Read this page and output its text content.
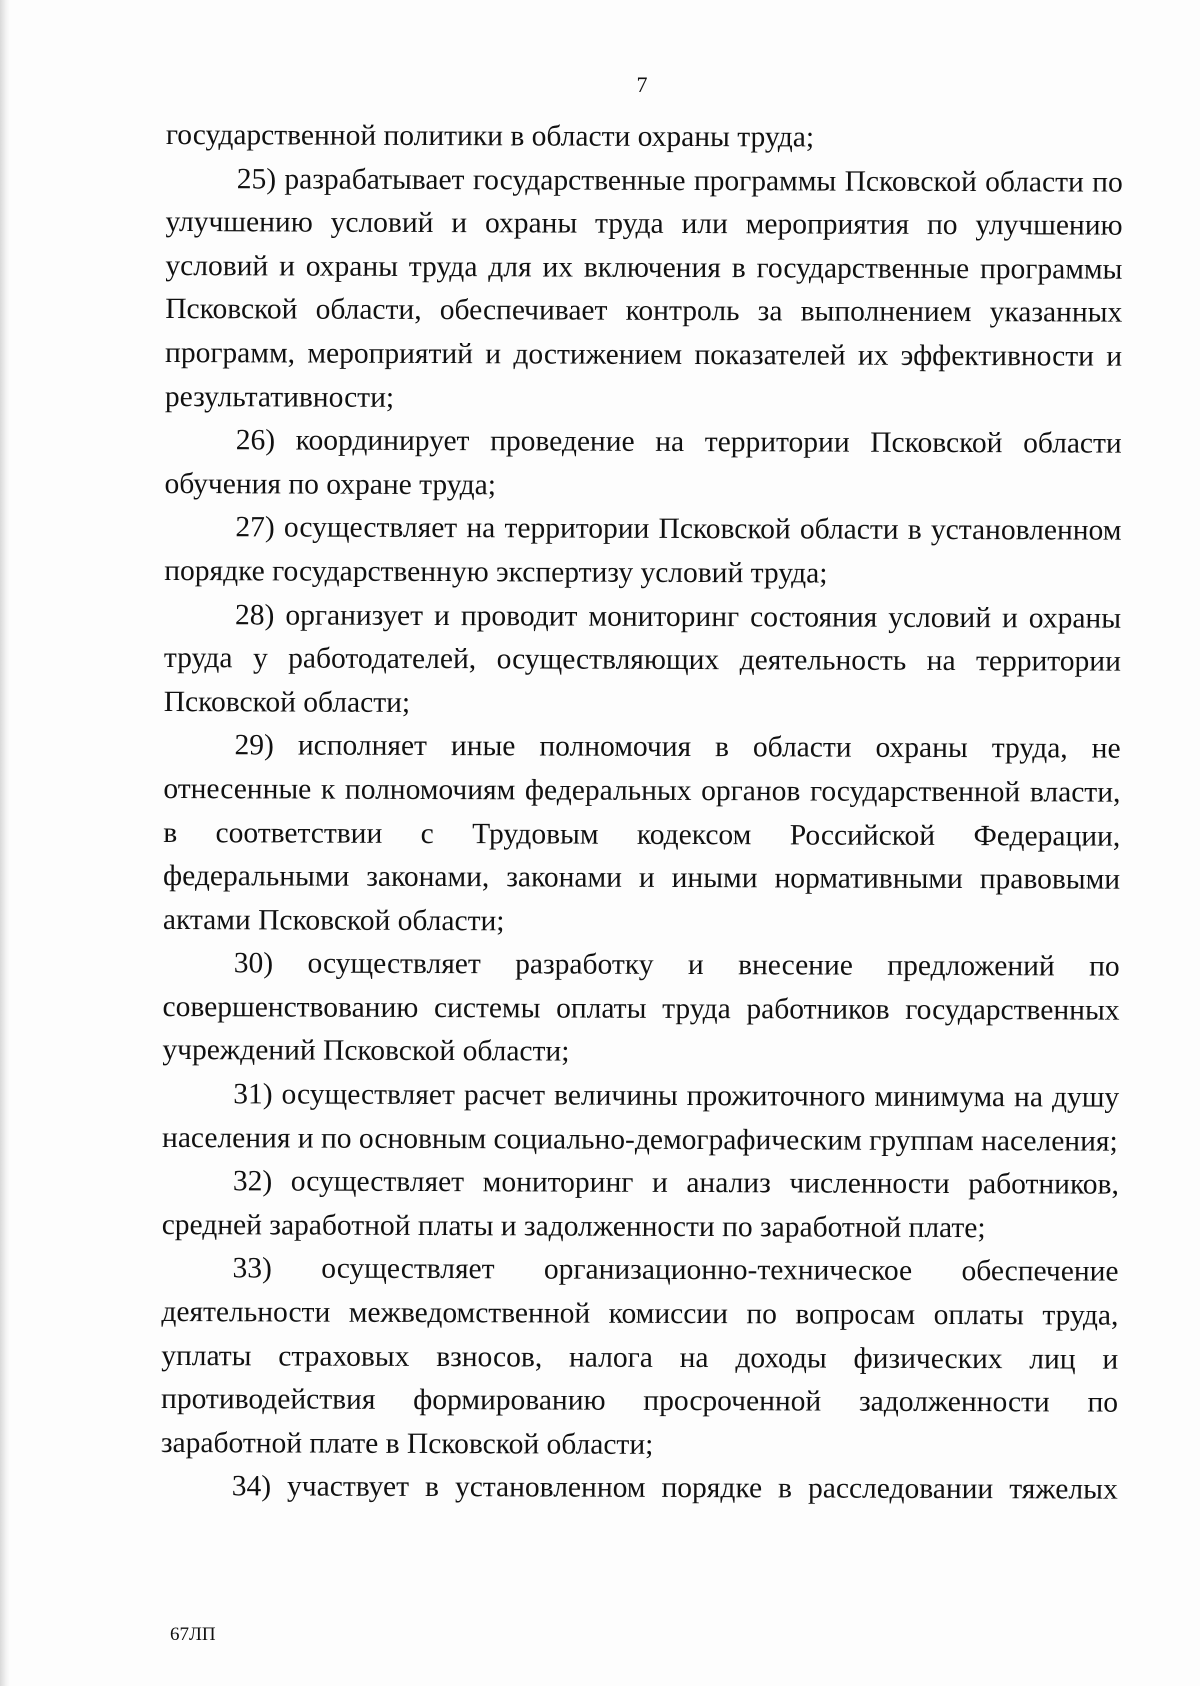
7

государственной политики в области охраны труда;

25) разрабатывает государственные программы Псковской области по улучшению условий и охраны труда или мероприятия по улучшению условий и охраны труда для их включения в государственные программы Псковской области, обеспечивает контроль за выполнением указанных программ, мероприятий и достижением показателей их эффективности и результативности;

26) координирует проведение на территории Псковской области обучения по охране труда;

27) осуществляет на территории Псковской области в установленном порядке государственную экспертизу условий труда;

28) организует и проводит мониторинг состояния условий и охраны труда у работодателей, осуществляющих деятельность на территории Псковской области;

29) исполняет иные полномочия в области охраны труда, не отнесенные к полномочиям федеральных органов государственной власти, в соответствии с Трудовым кодексом Российской Федерации, федеральными законами, законами и иными нормативными правовыми актами Псковской области;

30) осуществляет разработку и внесение предложений по совершенствованию системы оплаты труда работников государственных учреждений Псковской области;

31) осуществляет расчет величины прожиточного минимума на душу населения и по основным социально-демографическим группам населения;

32) осуществляет мониторинг и анализ численности работников, средней заработной платы и задолженности по заработной плате;

33) осуществляет организационно-техническое обеспечение деятельности межведомственной комиссии по вопросам оплаты труда, уплаты страховых взносов, налога на доходы физических лиц и противодействия формированию просроченной задолженности по заработной плате в Псковской области;

34) участвует в установленном порядке в расследовании тяжелых

67ЛП
